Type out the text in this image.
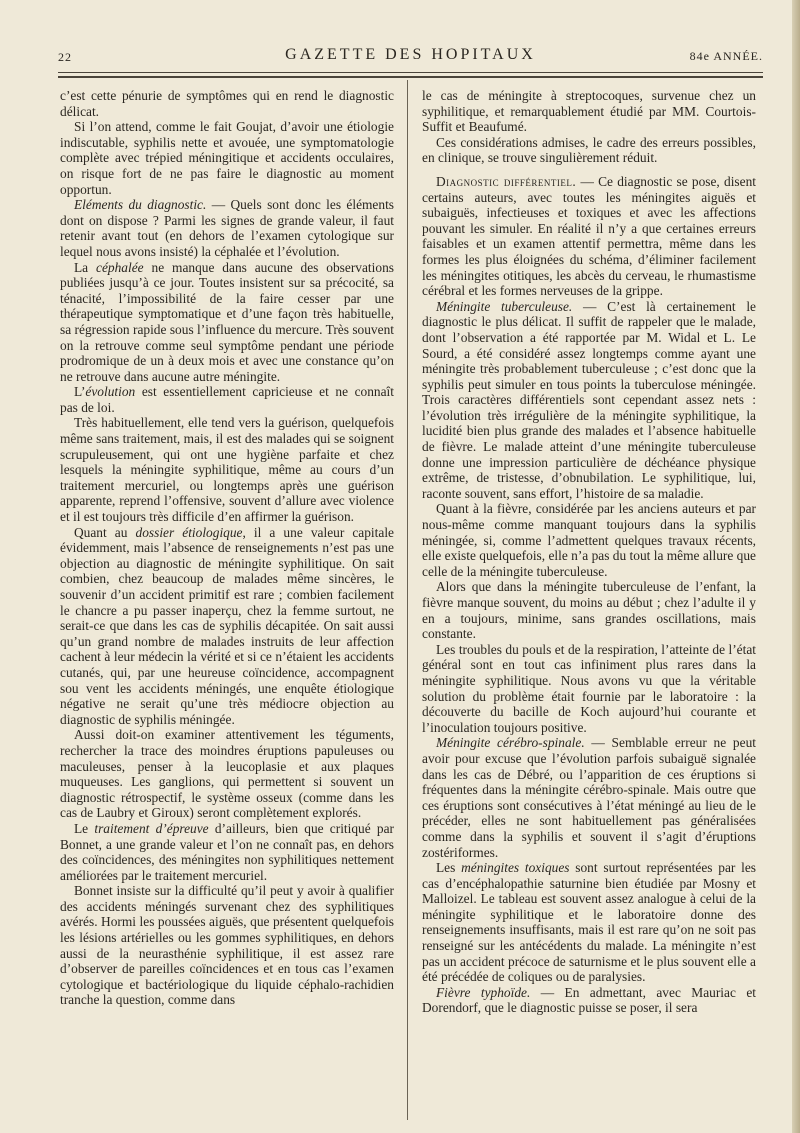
22	GAZETTE DES HOPITAUX	84e ANNÉE.

c’est cette pénurie de symptômes qui en rend le diagnostic délicat.

Si l’on attend, comme le fait Goujat, d’avoir une étiologie indiscutable, syphilis nette et avouée, une symptomatologie complète avec trépied méningitique et accidents occulaires, on risque fort de ne pas faire le diagnostic au moment opportun.

Eléments du diagnostic. — Quels sont donc les éléments dont on dispose ? Parmi les signes de grande valeur, il faut retenir avant tout (en dehors de l’examen cytologique sur lequel nous avons insisté) la céphalée et l’évolution.

La céphalée ne manque dans aucune des observations publiées jusqu’à ce jour. Toutes insistent sur sa précocité, sa ténacité, l’impossibilité de la faire cesser par une thérapeutique symptomatique et d’une façon très habituelle, sa régression rapide sous l’influence du mercure. Très souvent on la retrouve comme seul symptôme pendant une période prodromique de un à deux mois et avec une constance qu’on ne retrouve dans aucune autre méningite.

L’évolution est essentiellement capricieuse et ne connaît pas de loi.

Très habituellement, elle tend vers la guérison, quelquefois même sans traitement, mais, il est des malades qui se soignent scrupuleusement, qui ont une hygiène parfaite et chez lesquels la méningite syphilitique, même au cours d’un traitement mercuriel, ou longtemps après une guérison apparente, reprend l’offensive, souvent d’allure avec violence et il est toujours très difficile d’en affirmer la guérison.

Quant au dossier étiologique, il a une valeur capitale évidemment, mais l’absence de renseignements n’est pas une objection au diagnostic de méningite syphilitique. On sait combien, chez beaucoup de malades même sincères, le souvenir d’un accident primitif est rare ; combien facilement le chancre a pu passer inaperçu, chez la femme surtout, ne serait-ce que dans les cas de syphilis décapitée. On sait aussi qu’un grand nombre de malades instruits de leur affection cachent à leur médecin la vérité et si ce n’étaient les accidents cutanés, qui, par une heureuse coïncidence, accompagnent sou vent les accidents méningés, une enquête étiologique négative ne serait qu’une très médiocre objection au diagnostic de syphilis méningée.

Aussi doit-on examiner attentivement les téguments, rechercher la trace des moindres éruptions papuleuses ou maculeuses, penser à la leucoplasie et aux plaques muqueuses. Les ganglions, qui permettent si souvent un diagnostic rétrospectif, le système osseux (comme dans les cas de Laubry et Giroux) seront complètement explorés.

Le traitement d’épreuve d’ailleurs, bien que critiqué par Bonnet, a une grande valeur et l’on ne connaît pas, en dehors des coïncidences, des méningites non syphilitiques nettement améliorées par le traitement mercuriel.

Bonnet insiste sur la difficulté qu’il peut y avoir à qualifier des accidents méningés survenant chez des syphilitiques avérés. Hormi les poussées aiguës, que présentent quelquefois les lésions artérielles ou les gommes syphilitiques, en dehors aussi de la neurasthénie syphilitique, il est assez rare d’observer de pareilles coïncidences et en tous cas l’examen cytologique et bactériologique du liquide céphalo-rachidien tranche la question, comme dans

le cas de méningite à streptocoques, survenue chez un syphilitique, et remarquablement étudié par MM. Courtois-Suffit et Beaufumé.

Ces considérations admises, le cadre des erreurs possibles, en clinique, se trouve singulièrement réduit.

Diagnostic différentiel. — Ce diagnostic se pose, disent certains auteurs, avec toutes les méningites aiguës et subaiguës, infectieuses et toxiques et avec les affections pouvant les simuler. En réalité il n’y a que certaines erreurs faisables et un examen attentif permettra, même dans les formes les plus éloignées du schéma, d’éliminer facilement les méningites otitiques, les abcès du cerveau, le rhumastisme cérébral et les formes nerveuses de la grippe.

Méningite tuberculeuse. — C’est là certainement le diagnostic le plus délicat. Il suffit de rappeler que le malade, dont l’observation a été rapportée par M. Widal et L. Le Sourd, a été considéré assez longtemps comme ayant une méningite très probablement tuberculeuse ; c’est donc que la syphilis peut simuler en tous points la tuberculose méningée. Trois caractères différentiels sont cependant assez nets : l’évolution très irrégulière de la méningite syphilitique, la lucidité bien plus grande des malades et l’absence habituelle de fièvre. Le malade atteint d’une méningite tuberculeuse donne une impression particulière de déchéance physique extrême, de tristesse, d’obnubilation. Le syphilitique, lui, raconte souvent, sans effort, l’histoire de sa maladie.

Quant à la fièvre, considérée par les anciens auteurs et par nous-même comme manquant toujours dans la syphilis méningée, si, comme l’admettent quelques travaux récents, elle existe quelquefois, elle n’a pas du tout la même allure que celle de la méningite tuberculeuse.

Alors que dans la méningite tuberculeuse de l’enfant, la fièvre manque souvent, du moins au début ; chez l’adulte il y en a toujours, minime, sans grandes oscillations, mais constante.

Les troubles du pouls et de la respiration, l’atteinte de l’état général sont en tout cas infiniment plus rares dans la méningite syphilitique. Nous avons vu que la véritable solution du problème était fournie par le laboratoire : la découverte du bacille de Koch aujourd’hui courante et l’inoculation toujours positive.

Méningite cérébro-spinale. — Semblable erreur ne peut avoir pour excuse que l’évolution parfois subaiguë signalée dans les cas de Débré, ou l’apparition de ces éruptions si fréquentes dans la méningite cérébro-spinale. Mais outre que ces éruptions sont consécutives à l’état méningé au lieu de le précéder, elles ne sont habituellement pas généralisées comme dans la syphilis et souvent il s’agit d’éruptions zostériformes.

Les méningites toxiques sont surtout représentées par les cas d’encéphalopathie saturnine bien étudiée par Mosny et Malloizel. Le tableau est souvent assez analogue à celui de la méningite syphilitique et le laboratoire donne des renseignements insuffisants, mais il est rare qu’on ne soit pas renseigné sur les antécédents du malade. La méningite n’est pas un accident précoce de saturnisme et le plus souvent elle a été précédée de coliques ou de paralysies.

Fièvre typhoïde. — En admettant, avec Mauriac et Dorendorf, que le diagnostic puisse se poser, il sera
